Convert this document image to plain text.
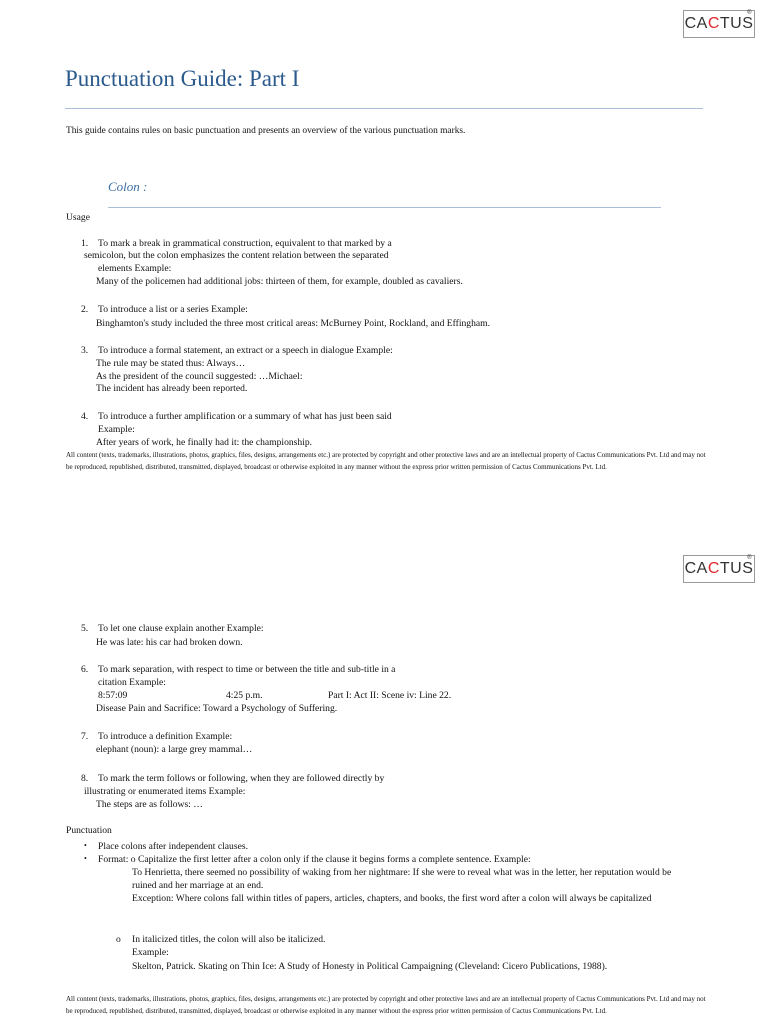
CA C TUS
®
Punctuation Guide: Part I
This guide contains rules on basic punctuation and presents an overview of the various punctuation marks.
Colon :
Usage
1. To mark a break in grammatical construction, equivalent to that marked by a
semicolon, but the colon emphasizes the content relation between the separated
elements Example:
Many of the policemen had additional jobs: thirteen of them, for example, doubled as cavaliers.
2. To introduce a list or a series Example:
Binghamton's study included the three most critical areas: McBurney Point, Rockland, and Effingham.
3. To introduce a formal statement, an extract or a speech in dialogue Example:
The rule may be stated thus: Always…
As the president of the council suggested: …Michael:
The incident has already been reported.
4. To introduce a further amplification or a summary of what has just been said
Example:
After years of work, he finally had it: the championship.
All content (texts, trademarks, illustrations, photos, graphics, files, designs, arrangements etc.) are protected by copyright and other protective laws and are an intellectual property of Cactus Communications Pvt. Ltd and may not be reproduced, republished, distributed, transmitted, displayed, broadcast or otherwise exploited in any manner without the express prior written permission of Cactus Communications Pvt. Ltd.
CA C TUS
®
5. To let one clause explain another Example:
He was late: his car had broken down.
6. To mark separation, with respect to time or between the title and sub-title in a
citation Example:
8:57:09	4:25 p.m.	Part I: Act II: Scene iv: Line 22.
Disease Pain and Sacrifice: Toward a Psychology of Suffering.
7. To introduce a definition Example:
elephant (noun): a large grey mammal…
8. To mark the term follows or following, when they are followed directly by
illustrating or enumerated items Example:
The steps are as follows: …
Punctuation
• Place colons after independent clauses.
• Format: o Capitalize the first letter after a colon only if the clause it begins forms a complete sentence. Example:
To Henrietta, there seemed no possibility of waking from her nightmare: If she were to reveal what was in the letter, her reputation would be ruined and her marriage at an end.
Exception: Where colons fall within titles of papers, articles, chapters, and books, the first word after a colon will always be capitalized
o In italicized titles, the colon will also be italicized.
Example:
Skelton, Patrick. Skating on Thin Ice: A Study of Honesty in Political Campaigning (Cleveland: Cicero Publications, 1988).
All content (texts, trademarks, illustrations, photos, graphics, files, designs, arrangements etc.) are protected by copyright and other protective laws and are an intellectual property of Cactus Communications Pvt. Ltd and may not be reproduced, republished, distributed, transmitted, displayed, broadcast or otherwise exploited in any manner without the express prior written permission of Cactus Communications Pvt. Ltd.
